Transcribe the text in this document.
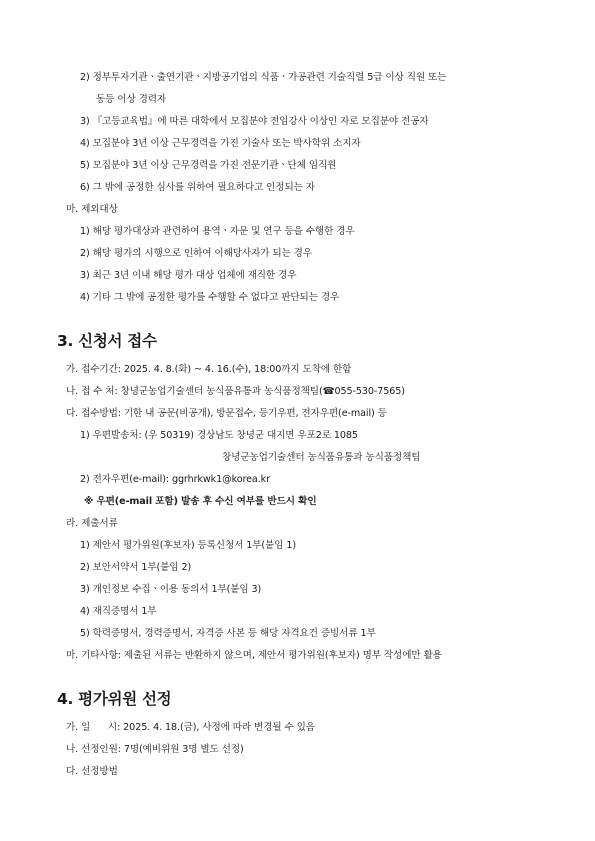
2) 정부투자기관ㆍ출연기관ㆍ지방공기업의 식품ㆍ가공관련 기술직렬 5급 이상 직원 또는
동등 이상 경력자
3) 『고등교육법』에 따른 대학에서 모집분야 전임강사 이상인 자로 모집분야 전공자
4) 모집분야 3년 이상 근무경력을 가진 기술사 또는 박사학위 소지자
5) 모집분야 3년 이상 근무경력을 가진 전문기관ㆍ단체 임직원
6) 그 밖에 공정한 심사를 위하여 필요하다고 인정되는 자
마. 제외대상
1) 해당 평가대상과 관련하여 용역ㆍ자문 및 연구 등을 수행한 경우
2) 해당 평가의 시행으로 인하여 이해당사자가 되는 경우
3) 최근 3년 이내 해당 평가 대상 업체에 재직한 경우
4) 기타 그 밖에 공정한 평가를 수행할 수 없다고 판단되는 경우
3. 신청서 접수
가. 접수기간: 2025. 4. 8.(화) ~ 4. 16.(수), 18:00까지 도착에 한함
나. 접 수 처: 창녕군농업기술센터 농식품유통과 농식품정책팀(☎055-530-7565)
다. 접수방법: 기한 내 공문(비공개), 방문접수, 등기우편, 전자우편(e-mail) 등
1) 우편발송처: (우 50319) 경상남도 창녕군 대지면 우포2로 1085
창녕군농업기술센터 농식품유통과 농식품정책팀
2) 전자우편(e-mail): ggrhrkwk1@korea.kr
※ 우편(e-mail 포함) 발송 후 수신 여부를 반드시 확인
라. 제출서류
1) 제안서 평가위원(후보자) 등록신청서 1부(붙임 1)
2) 보안서약서 1부(붙임 2)
3) 개인정보 수집ㆍ이용 동의서 1부(붙임 3)
4) 재직증명서 1부
5) 학력증명서, 경력증명서, 자격증 사본 등 해당 자격요건 증빙서류 1부
마. 기타사항: 제출된 서류는 반환하지 않으며, 제안서 평가위원(후보자) 명부 작성에만 활용
4. 평가위원 선정
가. 일      시: 2025. 4. 18.(금), 사정에 따라 변경될 수 있음
나. 선정인원: 7명(예비위원 3명 별도 선정)
다. 선정방법
